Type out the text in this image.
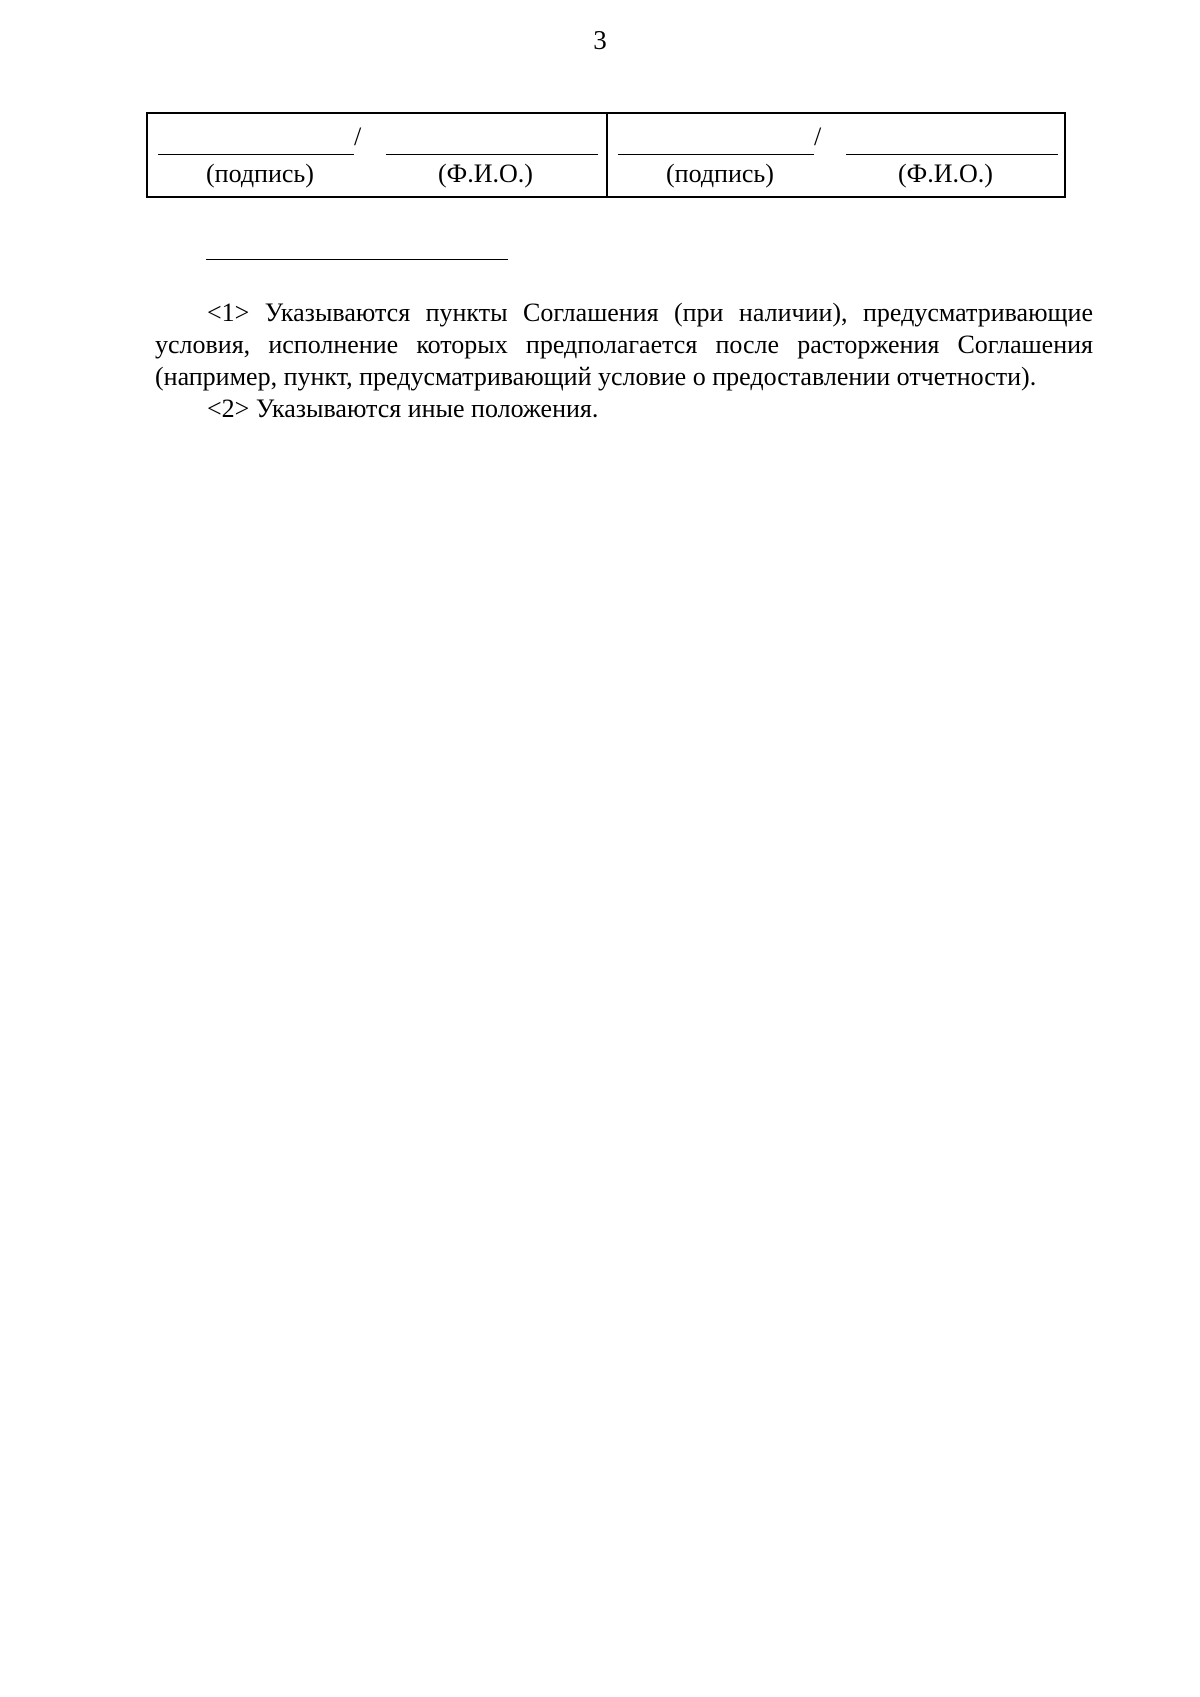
3
/
(подпись)	(Ф.И.О.)
/
(подпись)	(Ф.И.О.)

<1> Указываются пункты Соглашения (при наличии), предусматривающие условия, исполнение которых предполагается после расторжения Соглашения (например, пункт, предусматривающий условие о предоставлении отчетности).

<2> Указываются иные положения.
